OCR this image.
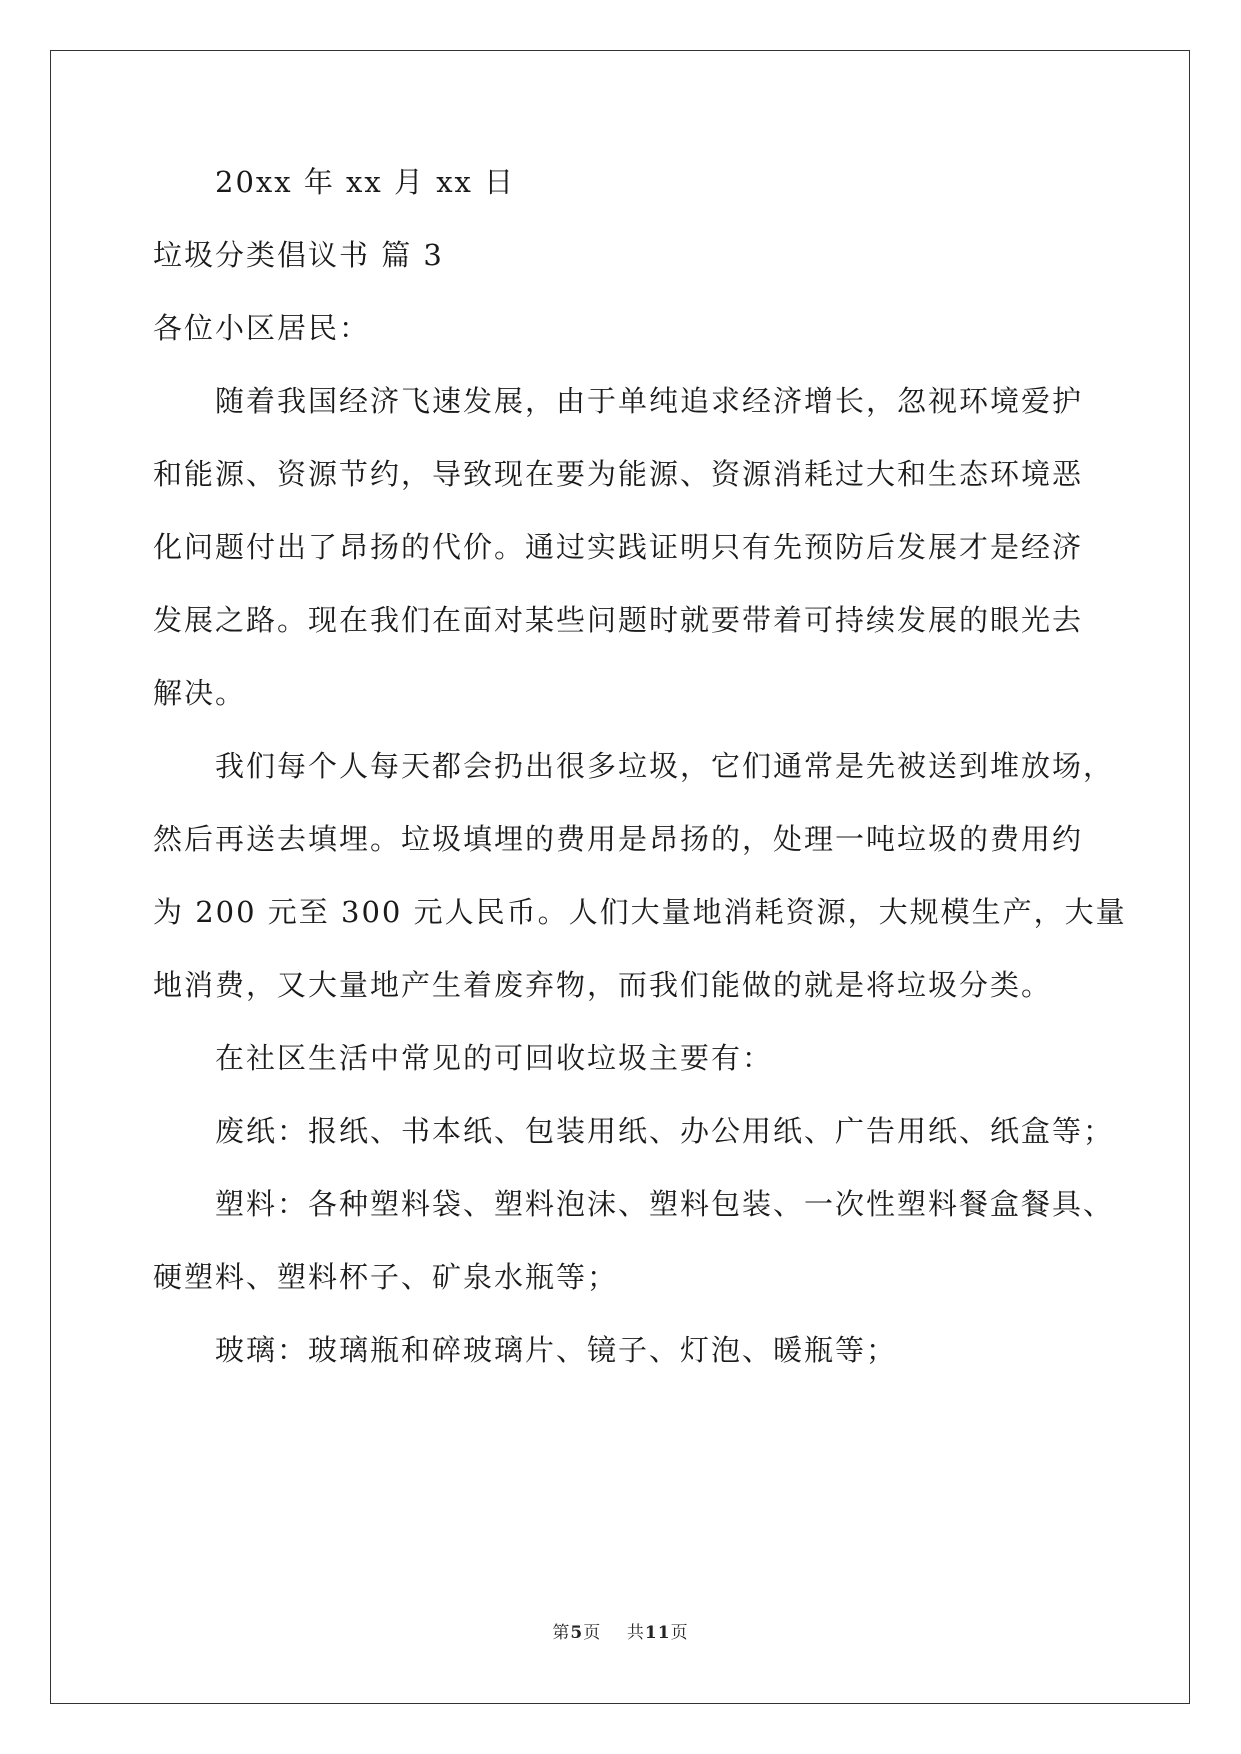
20xx 年 xx 月 xx 日
垃圾分类倡议书 篇 3
各位小区居民：
随着我国经济飞速发展，由于单纯追求经济增长，忽视环境爱护
和能源、资源节约，导致现在要为能源、资源消耗过大和生态环境恶
化问题付出了昂扬的代价。通过实践证明只有先预防后发展才是经济
发展之路。现在我们在面对某些问题时就要带着可持续发展的眼光去
解决。
我们每个人每天都会扔出很多垃圾，它们通常是先被送到堆放场，
然后再送去填埋。垃圾填埋的费用是昂扬的，处理一吨垃圾的费用约
为 200 元至 300 元人民币。人们大量地消耗资源，大规模生产，大量
地消费，又大量地产生着废弃物，而我们能做的就是将垃圾分类。
在社区生活中常见的可回收垃圾主要有：
废纸：报纸、书本纸、包装用纸、办公用纸、广告用纸、纸盒等；
塑料：各种塑料袋、塑料泡沫、塑料包装、一次性塑料餐盒餐具、
硬塑料、塑料杯子、矿泉水瓶等；
玻璃：玻璃瓶和碎玻璃片、镜子、灯泡、暖瓶等；
第5页    共11页
